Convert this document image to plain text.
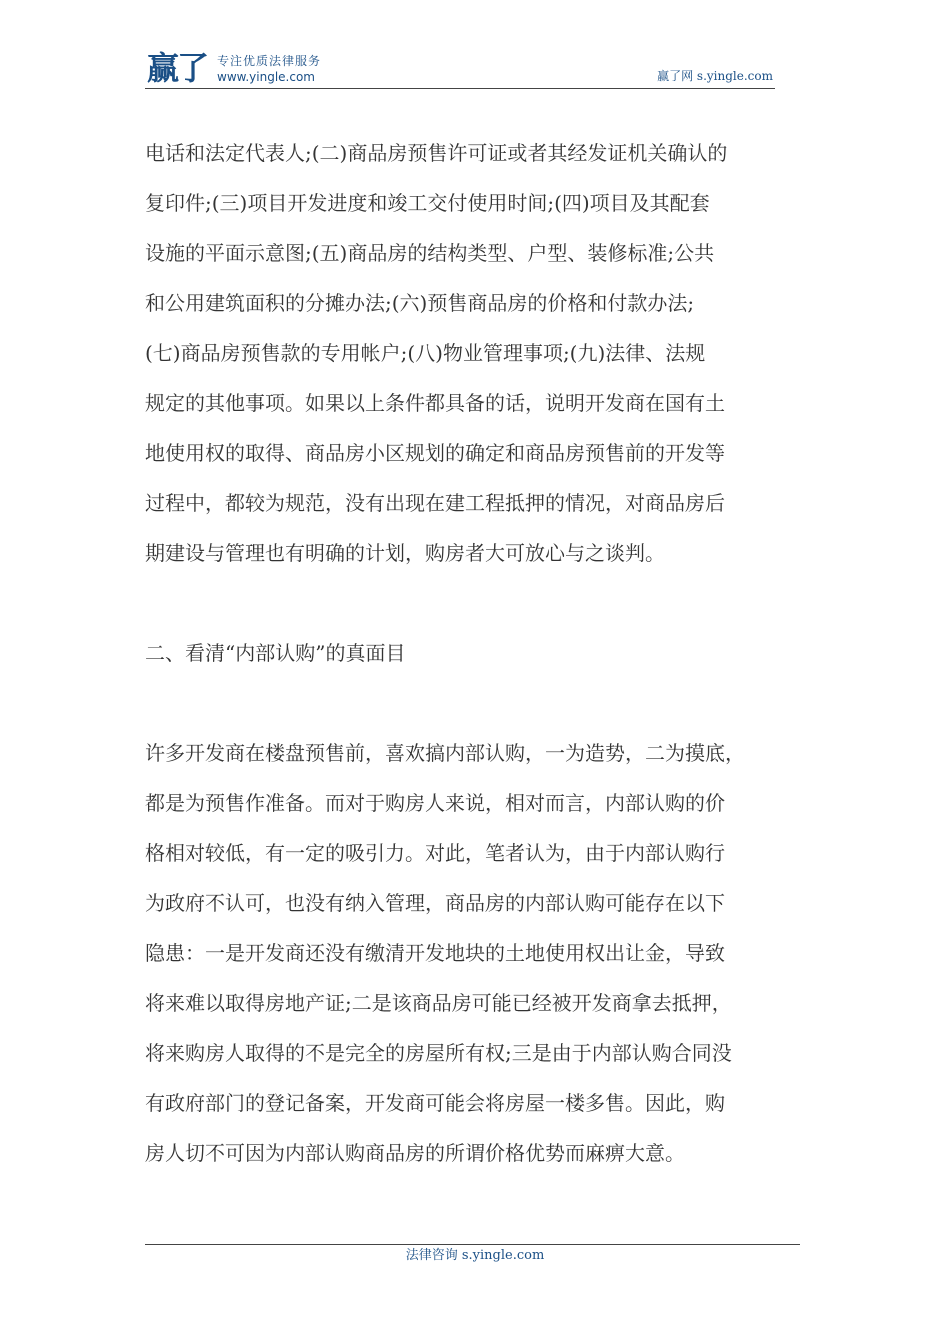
赢了 专注优质法律服务
www.yingle.com	赢了网 s.yingle.com
电话和法定代表人;(二)商品房预售许可证或者其经发证机关确认的
复印件;(三)项目开发进度和竣工交付使用时间;(四)项目及其配套
设施的平面示意图;(五)商品房的结构类型、户型、装修标准;公共
和公用建筑面积的分摊办法;(六)预售商品房的价格和付款办法;
(七)商品房预售款的专用帐户;(八)物业管理事项;(九)法律、法规
规定的其他事项。如果以上条件都具备的话，说明开发商在国有土
地使用权的取得、商品房小区规划的确定和商品房预售前的开发等
过程中，都较为规范，没有出现在建工程抵押的情况，对商品房后
期建设与管理也有明确的计划，购房者大可放心与之谈判。
二、看清“内部认购”的真面目
许多开发商在楼盘预售前，喜欢搞内部认购，一为造势，二为摸底，
都是为预售作准备。而对于购房人来说，相对而言，内部认购的价
格相对较低，有一定的吸引力。对此，笔者认为，由于内部认购行
为政府不认可，也没有纳入管理，商品房的内部认购可能存在以下
隐患：一是开发商还没有缴清开发地块的土地使用权出让金，导致
将来难以取得房地产证;二是该商品房可能已经被开发商拿去抵押，
将来购房人取得的不是完全的房屋所有权;三是由于内部认购合同没
有政府部门的登记备案，开发商可能会将房屋一楼多售。因此，购
房人切不可因为内部认购商品房的所谓价格优势而麻痹大意。
法律咨询 s.yingle.com
